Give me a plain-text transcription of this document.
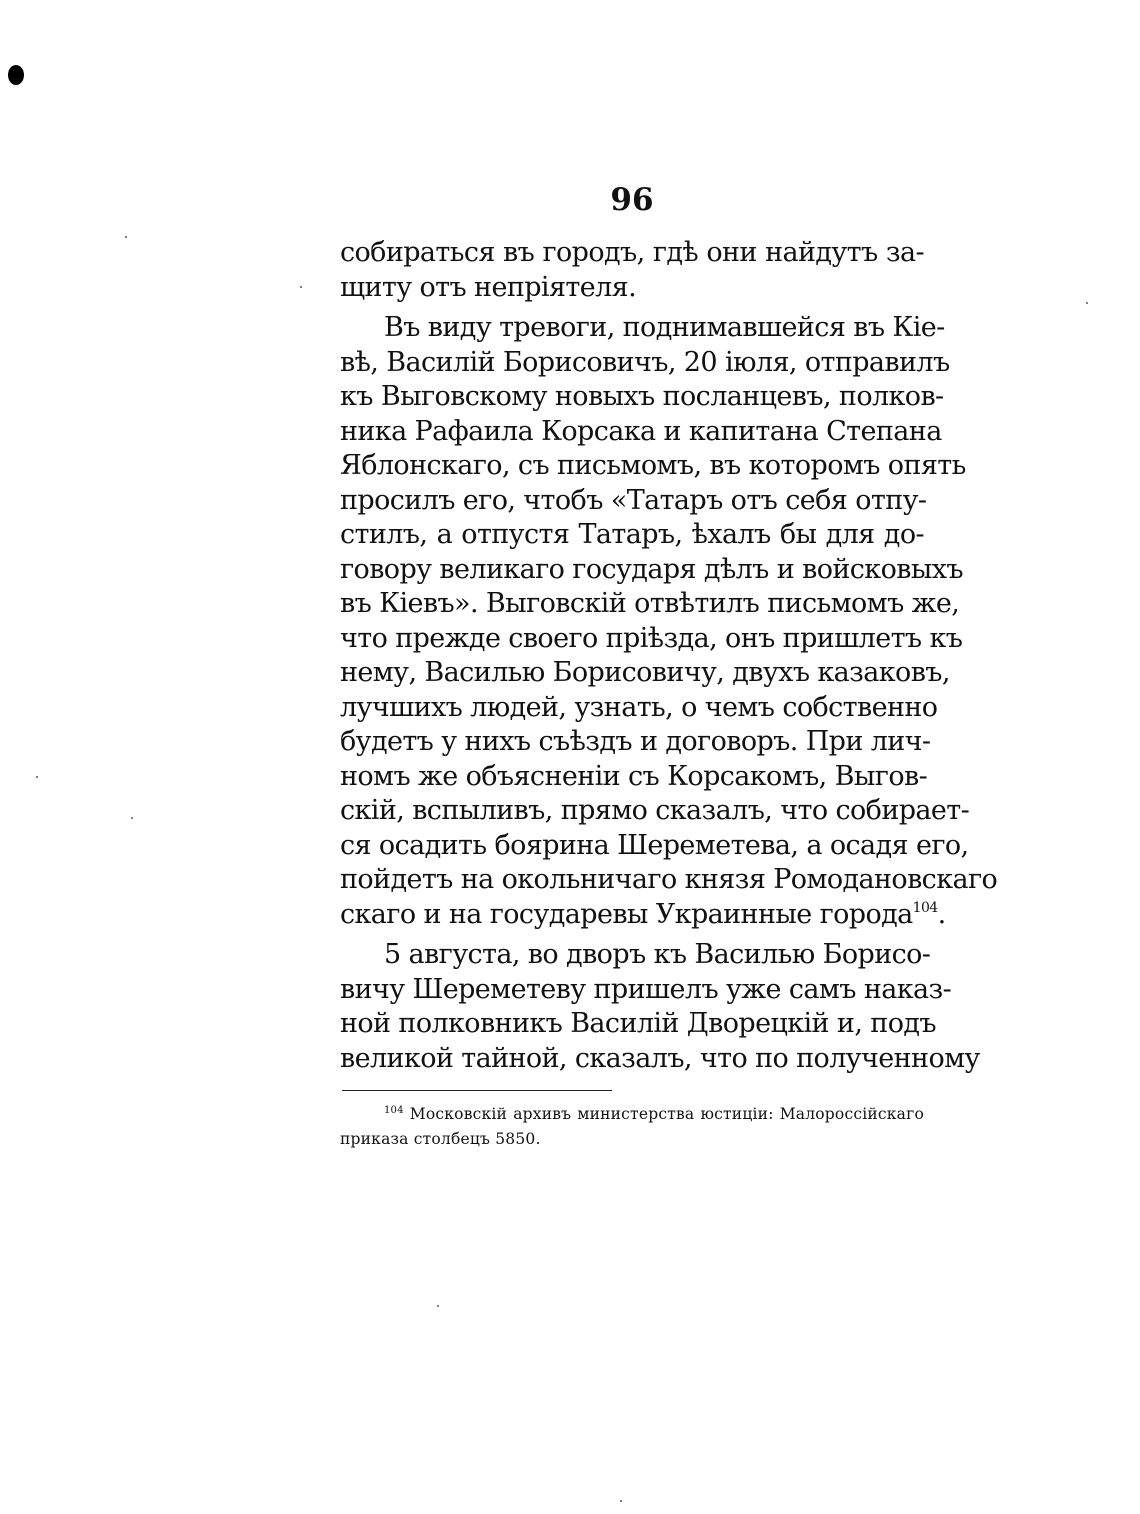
96
собираться въ городъ, гдѣ они найдутъ за-
щиту отъ непріятеля.
Въ виду тревоги, поднимавшейся въ Кіе-
вѣ, Василій Борисовичъ, 20 іюля, отправилъ
къ Выговскому новыхъ посланцевъ, полков-
ника Рафаила Корсака и капитана Степана
Яблонскаго, съ письмомъ, въ которомъ опять
просилъ его, чтобъ «Татаръ отъ себя отпу-
стилъ, а отпустя Татаръ, ѣхалъ бы для до-
говору великаго государя дѣлъ и войсковыхъ
въ Кіевъ». Выговскій отвѣтилъ письмомъ же,
что прежде своего пріѣзда, онъ пришлетъ къ
нему, Василью Борисовичу, двухъ казаковъ,
лучшихъ людей, узнать, о чемъ собственно
будетъ у нихъ съѣздъ и договоръ. При лич-
номъ же объясненіи съ Корсакомъ, Выгов-
скій, вспыливъ, прямо сказалъ, что собирает-
ся осадить боярина Шереметева, а осадя его,
пойдетъ на окольничаго князя Ромодановскаго
скаго и на государевы Украинные города$^{104}$.
5 августа, во дворъ къ Василью Борисо-
вичу Шереметеву пришелъ уже самъ наказ-
ной полковникъ Василій Дворецкій и, подъ
великой тайной, сказалъ, что по полученному
$^{104}$ Московскій архивъ министерства юстиціи: Малороссійскаго
приказа столбецъ 5850.
